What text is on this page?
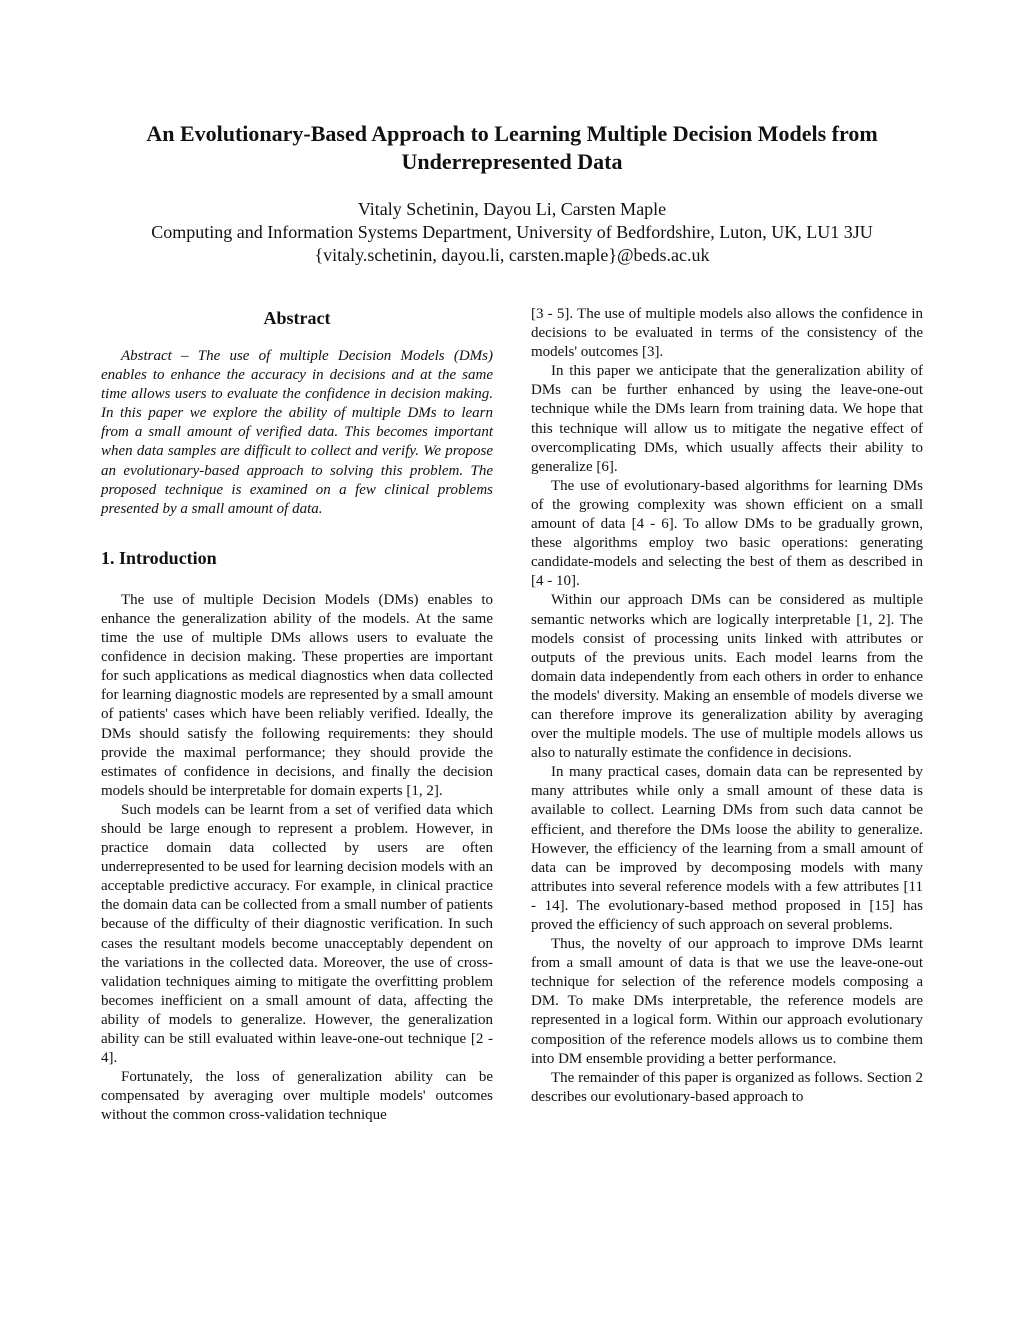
An Evolutionary-Based Approach to Learning Multiple Decision Models from Underrepresented Data
Vitaly Schetinin, Dayou Li, Carsten Maple
Computing and Information Systems Department, University of Bedfordshire, Luton, UK, LU1 3JU
{vitaly.schetinin, dayou.li, carsten.maple}@beds.ac.uk
Abstract

Abstract – The use of multiple Decision Models (DMs) enables to enhance the accuracy in decisions and at the same time allows users to evaluate the confidence in decision making. In this paper we explore the ability of multiple DMs to learn from a small amount of verified data. This becomes important when data samples are difficult to collect and verify. We propose an evolutionary-based approach to solving this problem. The proposed technique is examined on a few clinical problems presented by a small amount of data.

1. Introduction

The use of multiple Decision Models (DMs) enables to enhance the generalization ability of the models. At the same time the use of multiple DMs allows users to evaluate the confidence in decision making. These properties are important for such applications as medical diagnostics when data collected for learning diagnostic models are represented by a small amount of patients' cases which have been reliably verified. Ideally, the DMs should satisfy the following requirements: they should provide the maximal performance; they should provide the estimates of confidence in decisions, and finally the decision models should be interpretable for domain experts [1, 2].

Such models can be learnt from a set of verified data which should be large enough to represent a problem. However, in practice domain data collected by users are often underrepresented to be used for learning decision models with an acceptable predictive accuracy. For example, in clinical practice the domain data can be collected from a small number of patients because of the difficulty of their diagnostic verification. In such cases the resultant models become unacceptably dependent on the variations in the collected data. Moreover, the use of cross-validation techniques aiming to mitigate the overfitting problem becomes inefficient on a small amount of data, affecting the ability of models to generalize. However, the generalization ability can be still evaluated within leave-one-out technique [2 - 4].

Fortunately, the loss of generalization ability can be compensated by averaging over multiple models' outcomes without the common cross-validation technique

[3 - 5]. The use of multiple models also allows the confidence in decisions to be evaluated in terms of the consistency of the models' outcomes [3].

In this paper we anticipate that the generalization ability of DMs can be further enhanced by using the leave-one-out technique while the DMs learn from training data. We hope that this technique will allow us to mitigate the negative effect of overcomplicating DMs, which usually affects their ability to generalize [6].

The use of evolutionary-based algorithms for learning DMs of the growing complexity was shown efficient on a small amount of data [4 - 6]. To allow DMs to be gradually grown, these algorithms employ two basic operations: generating candidate-models and selecting the best of them as described in [4 - 10].

Within our approach DMs can be considered as multiple semantic networks which are logically interpretable [1, 2]. The models consist of processing units linked with attributes or outputs of the previous units. Each model learns from the domain data independently from each others in order to enhance the models' diversity. Making an ensemble of models diverse we can therefore improve its generalization ability by averaging over the multiple models. The use of multiple models allows us also to naturally estimate the confidence in decisions.

In many practical cases, domain data can be represented by many attributes while only a small amount of these data is available to collect. Learning DMs from such data cannot be efficient, and therefore the DMs loose the ability to generalize. However, the efficiency of the learning from a small amount of data can be improved by decomposing models with many attributes into several reference models with a few attributes [11 - 14]. The evolutionary-based method proposed in [15] has proved the efficiency of such approach on several problems.

Thus, the novelty of our approach to improve DMs learnt from a small amount of data is that we use the leave-one-out technique for selection of the reference models composing a DM. To make DMs interpretable, the reference models are represented in a logical form. Within our approach evolutionary composition of the reference models allows us to combine them into DM ensemble providing a better performance.

The remainder of this paper is organized as follows. Section 2 describes our evolutionary-based approach to
